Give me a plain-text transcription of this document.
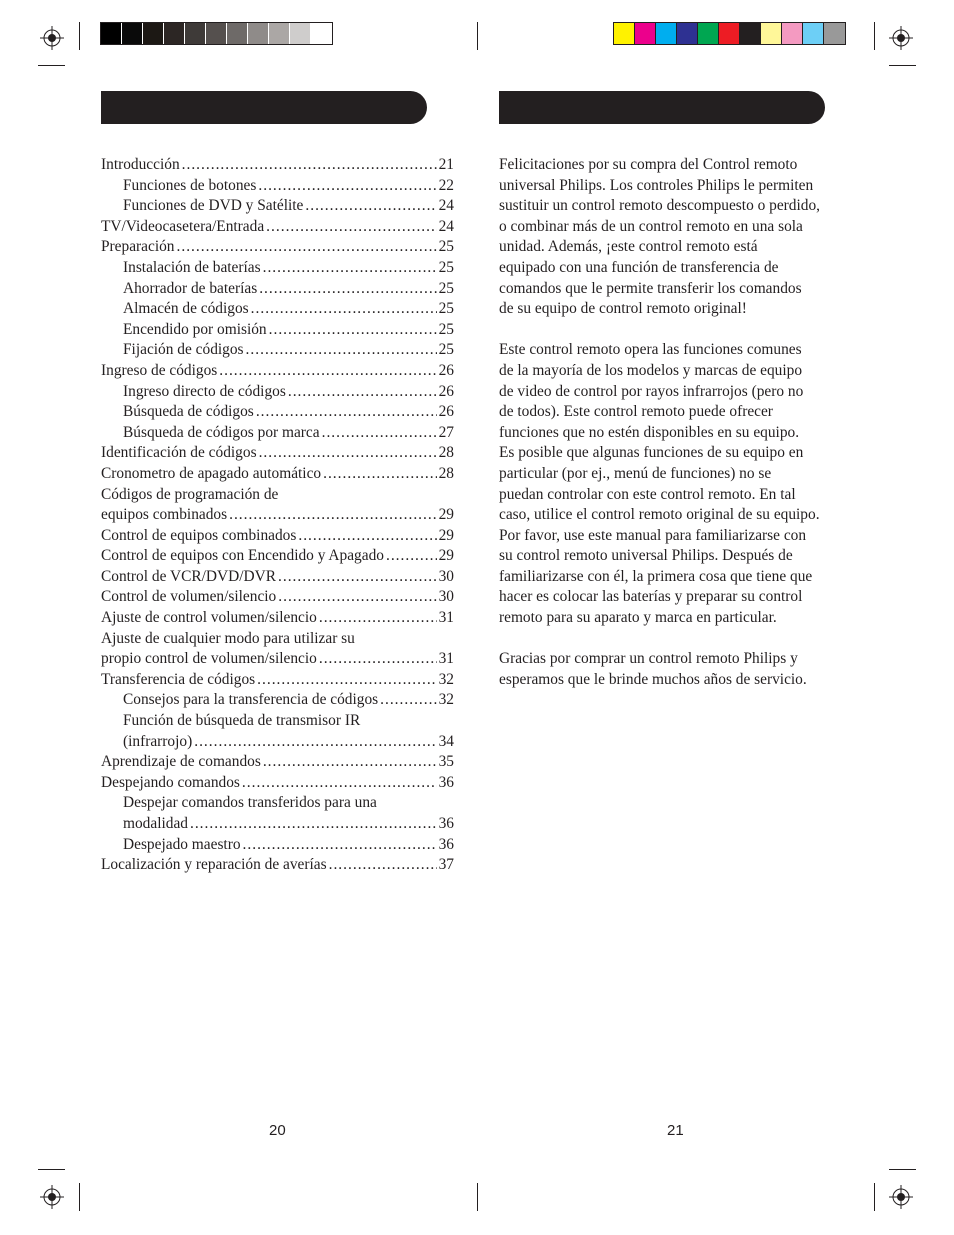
Introducción .....	21
Funciones de botones .....	22
Funciones de DVD y Satélite .....	24
TV/Videocasetera/Entrada .....	24
Preparación .....	25
Instalación de baterías .....	25
Ahorrador de baterías .....	25
Almacén de códigos .....	25
Encendido por omisión .....	25
Fijación de códigos .....	25
Ingreso de códigos .....	26
Ingreso directo de códigos .....	26
Búsqueda de códigos .....	26
Búsqueda de códigos por marca .....	27
Identificación de códigos .....	28
Cronometro de apagado automático .....	28
Códigos de programación de
equipos combinados .....	29
Control de equipos combinados .....	29
Control de equipos con Encendido y Apagado .....	29
Control de VCR/DVD/DVR .....	30
Control de volumen/silencio .....	30
Ajuste de control volumen/silencio .....	31
Ajuste de cualquier modo para utilizar su
propio control de volumen/silencio .....	31
Transferencia de códigos .....	32
Consejos para la transferencia de códigos .....	32
Función de búsqueda de transmisor IR
(infrarrojo) .....	34
Aprendizaje de comandos .....	35
Despejando comandos .....	36
Despejar comandos transferidos para una
modalidad .....	36
Despejado maestro .....	36
Localización y reparación de averías .....	37

Felicitaciones por su compra del Control remoto
universal Philips. Los controles Philips le permiten
sustituir un control remoto descompuesto o perdido,
o combinar más de un control remoto en una sola
unidad. Además, ¡este control remoto está
equipado con una función de transferencia de
comandos que le permite transferir los comandos
de su equipo de control remoto original!

Este control remoto opera las funciones comunes
de la mayoría de los modelos y marcas de equipo
de video de control por rayos infrarrojos (pero no
de todos). Este control remoto puede ofrecer
funciones que no estén disponibles en su equipo.
Es posible que algunas funciones de su equipo en
particular (por ej., menú de funciones) no se
puedan controlar con este control remoto. En tal
caso, utilice el control remoto original de su equipo.
Por favor, use este manual para familiarizarse con
su control remoto universal Philips. Después de
familiarizarse con él, la primera cosa que tiene que
hacer es colocar las baterías y preparar su control
remoto para su aparato y marca en particular.

Gracias por comprar un control remoto Philips y
esperamos que le brinde muchos años de servicio.

20	21
